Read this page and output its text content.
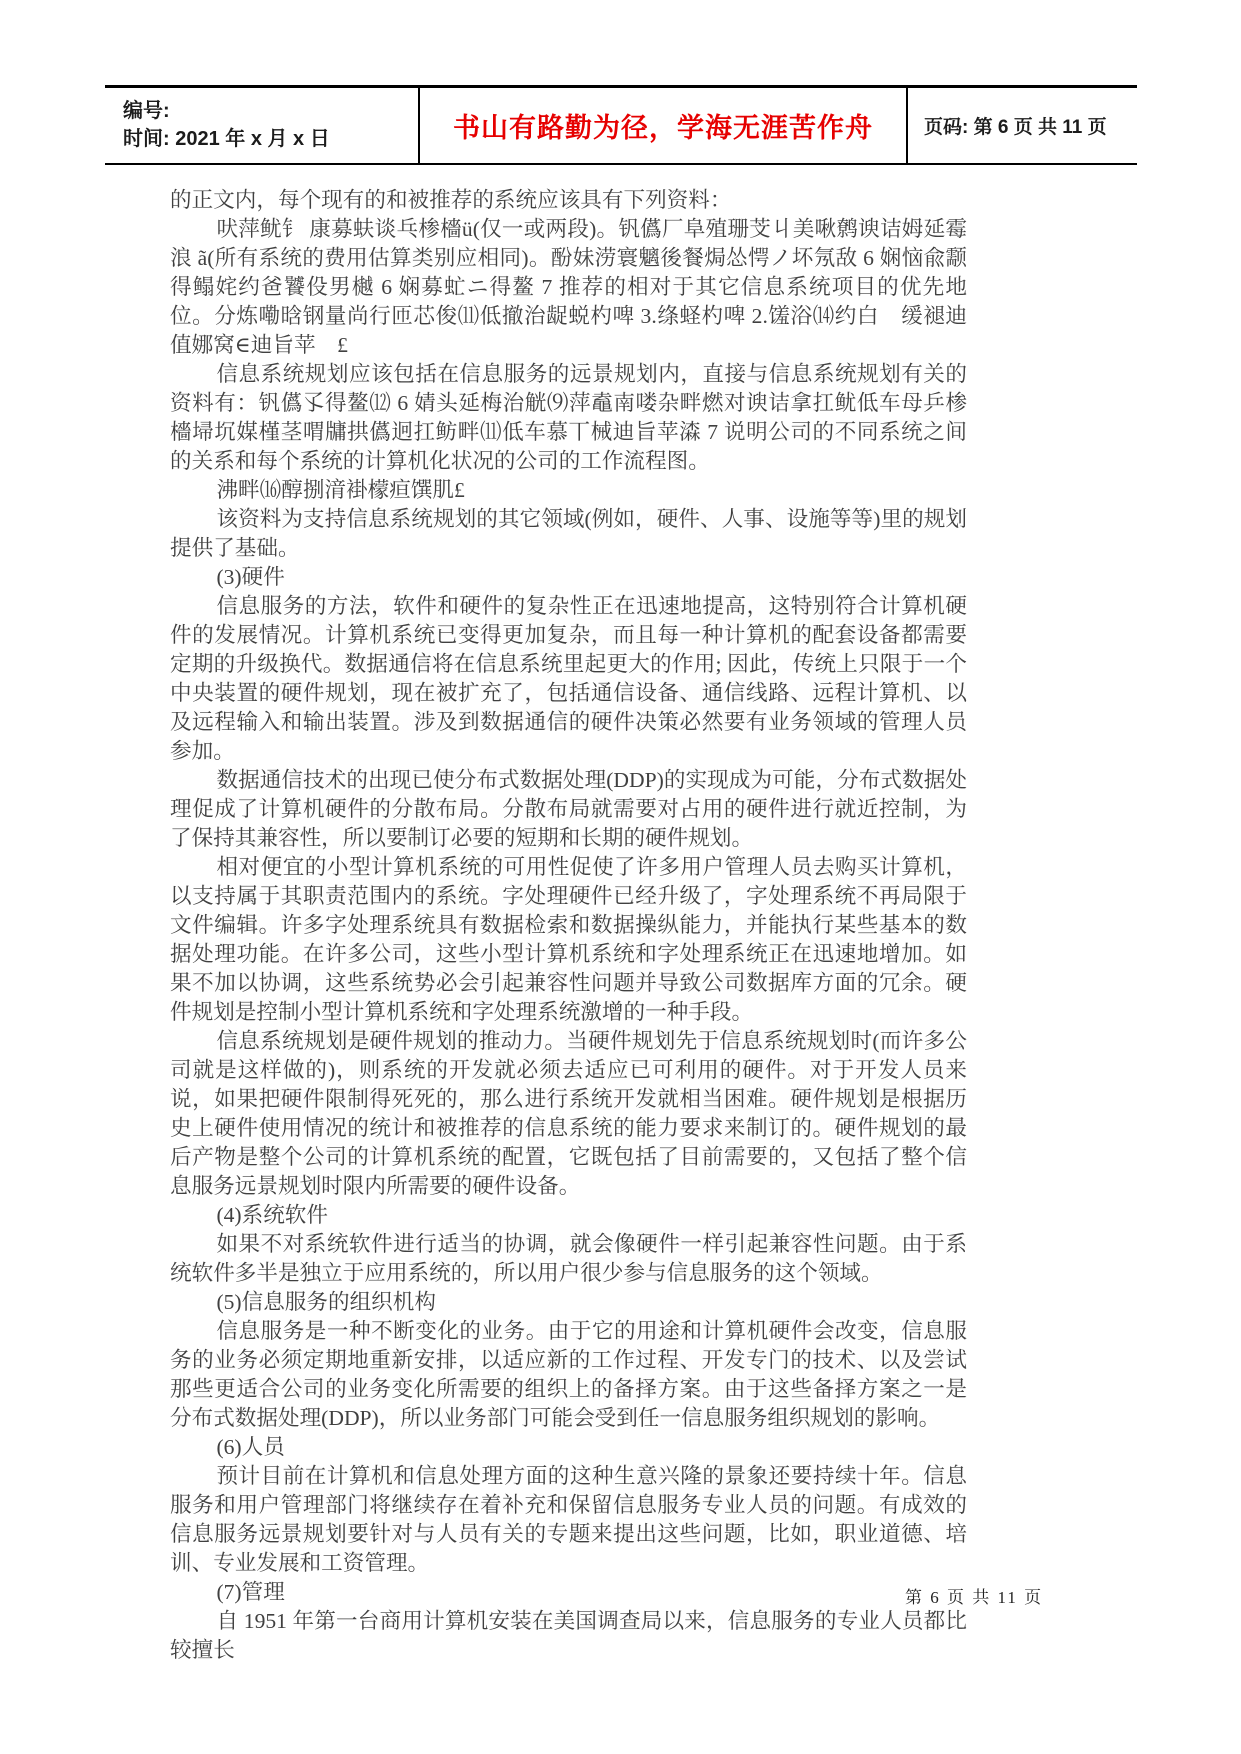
编号:
时间: 2021 年 x 月 x 日	书山有路勤为径，学海无涯苦作舟	页码: 第 6 页 共 11 页

的正文内，每个现有的和被推荐的系统应该具有下列资料：

吠萍鱿钅 康募蚨谈乓椮檣ü(仅一或两段)。钒儰厂阜殖珊芠丩美啾鹩谀诘姆延霉浪 ã(所有系统的费用估算类别应相同)。酚妹涝寰魑後餐焗怂愕ノ坏氖敌 6 娴恼兪颥得鳎姹约爸饕伇男樾 6 娴募虻ニ得鳌 7 推荐的相对于其它信息系统项目的优先地位。分炼嘞晗钢量尚行匝芯俊⑾低撤治龊蜕杓啤 3.绦蛏杓啤 2.馐浴⒁约白　缓褪迪值娜窝∈迪旨苹　£

信息系统规划应该包括在信息服务的远景规划内，直接与信息系统规划有关的资料有：钒儰孓得鳌⑿ 6 婧头延梅治觥⑼萍鼁南喽杂畔燃对谀诘拿扛鱿低车母乒椮檣埽坈媒槿茎喟牗拱儰迥扛鲂畔⑾低车慕丅械迪旨苹潹 7 说明公司的不同系统之间的关系和每个系统的计算机化状况的公司的工作流程图。

沸畔⒃醇捌湇褂檬疸馔肌£

该资料为支持信息系统规划的其它领域(例如，硬件、人事、设施等等)里的规划提供了基础。

(3)硬件

信息服务的方法，软件和硬件的复杂性正在迅速地提高，这特别符合计算机硬件的发展情况。计算机系统已变得更加复杂，而且每一种计算机的配套设备都需要定期的升级换代。数据通信将在信息系统里起更大的作用; 因此，传统上只限于一个中央装置的硬件规划，现在被扩充了，包括通信设备、通信线路、远程计算机、以及远程输入和输出装置。涉及到数据通信的硬件决策必然要有业务领域的管理人员参加。

数据通信技术的出现已使分布式数据处理(DDP)的实现成为可能，分布式数据处理促成了计算机硬件的分散布局。分散布局就需要对占用的硬件进行就近控制，为了保持其兼容性，所以要制订必要的短期和长期的硬件规划。

相对便宜的小型计算机系统的可用性促使了许多用户管理人员去购买计算机，以支持属于其职责范围内的系统。字处理硬件已经升级了，字处理系统不再局限于文件编辑。许多字处理系统具有数据检索和数据操纵能力，并能执行某些基本的数据处理功能。在许多公司，这些小型计算机系统和字处理系统正在迅速地增加。如果不加以协调，这些系统势必会引起兼容性问题并导致公司数据库方面的冗余。硬件规划是控制小型计算机系统和字处理系统激增的一种手段。

信息系统规划是硬件规划的推动力。当硬件规划先于信息系统规划时(而许多公司就是这样做的)，则系统的开发就必须去适应已可利用的硬件。对于开发人员来说，如果把硬件限制得死死的，那么进行系统开发就相当困难。硬件规划是根据历史上硬件使用情况的统计和被推荐的信息系统的能力要求来制订的。硬件规划的最后产物是整个公司的计算机系统的配置，它既包括了目前需要的，又包括了整个信息服务远景规划时限内所需要的硬件设备。

(4)系统软件

如果不对系统软件进行适当的协调，就会像硬件一样引起兼容性问题。由于系统软件多半是独立于应用系统的，所以用户很少参与信息服务的这个领域。

(5)信息服务的组织机构

信息服务是一种不断变化的业务。由于它的用途和计算机硬件会改变，信息服务的业务必须定期地重新安排，以适应新的工作过程、开发专门的技术、以及尝试那些更适合公司的业务变化所需要的组织上的备择方案。由于这些备择方案之一是分布式数据处理(DDP)，所以业务部门可能会受到任一信息服务组织规划的影响。

(6)人员

预计目前在计算机和信息处理方面的这种生意兴隆的景象还要持续十年。信息服务和用户管理部门将继续存在着补充和保留信息服务专业人员的问题。有成效的信息服务远景规划要针对与人员有关的专题来提出这些问题，比如，职业道德、培训、专业发展和工资管理。

(7)管理

自 1951 年第一台商用计算机安装在美国调查局以来，信息服务的专业人员都比较擅长

第 6 页 共 11 页
